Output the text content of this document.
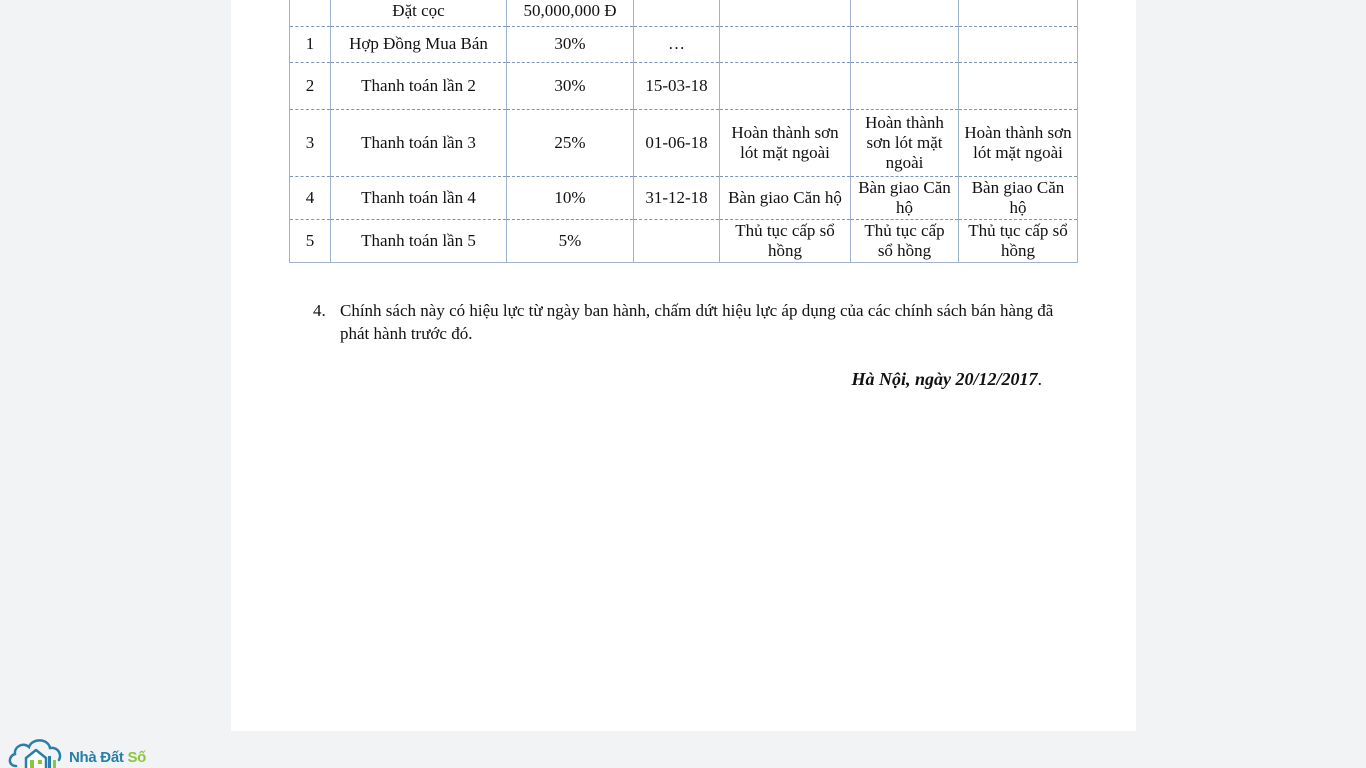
	Đặt cọc	50,000,000 Đ				
1	Hợp Đồng Mua Bán	30%	…			
2	Thanh toán lần 2	30%	15-03-18			
3	Thanh toán lần 3	25%	01-06-18	Hoàn thành sơn lót mặt ngoài	Hoàn thành sơn lót mặt ngoài	Hoàn thành sơn lót mặt ngoài
4	Thanh toán lần 4	10%	31-12-18	Bàn giao Căn hộ	Bàn giao Căn hộ	Bàn giao Căn hộ
5	Thanh toán lần 5	5%		Thủ tục cấp sổ hồng	Thủ tục cấp sổ hồng	Thủ tục cấp sổ hồng
4. Chính sách này có hiệu lực từ ngày ban hành, chấm dứt hiệu lực áp dụng của các chính sách bán hàng đã phát hành trước đó.
Hà Nội, ngày 20/12/2017.
Nhà Đất Số
